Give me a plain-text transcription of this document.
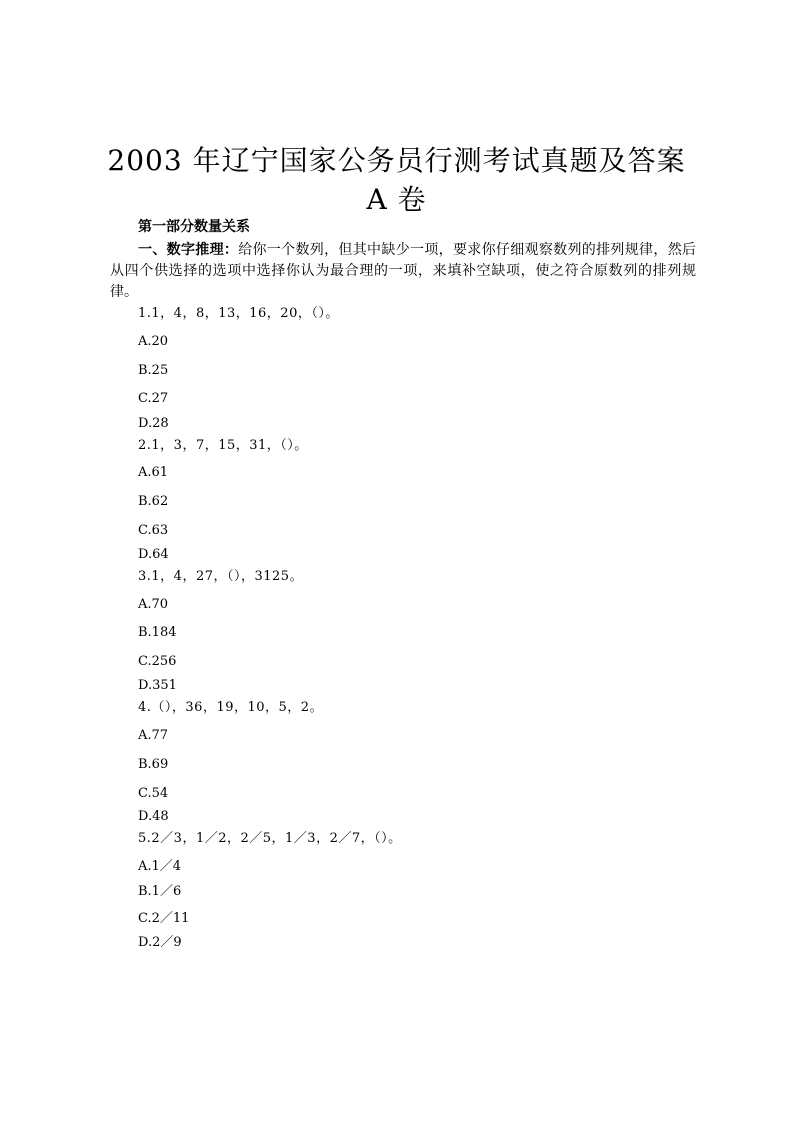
2003 年辽宁国家公务员行测考试真题及答案
A 卷
第一部分数量关系
一、数字推理：给你一个数列，但其中缺少一项，要求你仔细观察数列的排列规律，然后从四个供选择的选项中选择你认为最合理的一项，来填补空缺项，使之符合原数列的排列规律。
1.1，4，8，13，16，20，（）。
A.20
B.25
C.27
D.28
2.1，3，7，15，31，（）。
A.61
B.62
C.63
D.64
3.1，4，27，（），3125。
A.70
B.184
C.256
D.351
4.（），36，19，10，5，2。
A.77
B.69
C.54
D.48
5.2／3，1／2，2／5，1／3，2／7，（）。
A.1／4
B.1／6
C.2／11
D.2／9
